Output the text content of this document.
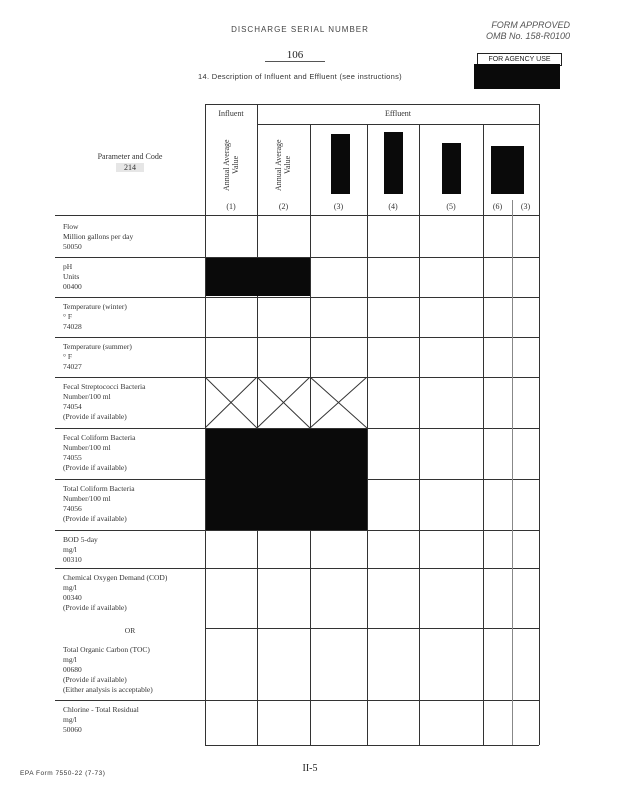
DISCHARGE SERIAL NUMBER	FORM APPROVED
OMB No. 158-R0100
106
14. Description of Influent and Effluent (see instructions)
FOR AGENCY USE
Influent	Effluent
Parameter and Code
214	Annual Average Value	Annual Average Value
(1)	(2)	(3)	(4)	(5)	(6)	(3)
Flow
Million gallons per day
50050
pH
Units
00400
Temperature (winter)
° F
74028
Temperature (summer)
° F
74027
Fecal Streptococci Bacteria
Number/100 ml
74054
(Provide if available)
Fecal Coliform Bacteria
Number/100 ml
74055
(Provide if available)
Total Coliform Bacteria
Number/100 ml
74056
(Provide if available)
BOD 5-day
mg/l
00310
Chemical Oxygen Demand (COD)
mg/l
00340
(Provide if available)
OR
Total Organic Carbon (TOC)
mg/l
00680
(Provide if available)
(Either analysis is acceptable)
Chlorine - Total Residual
mg/l
50060
II-5
EPA Form 7550-22 (7-73)
